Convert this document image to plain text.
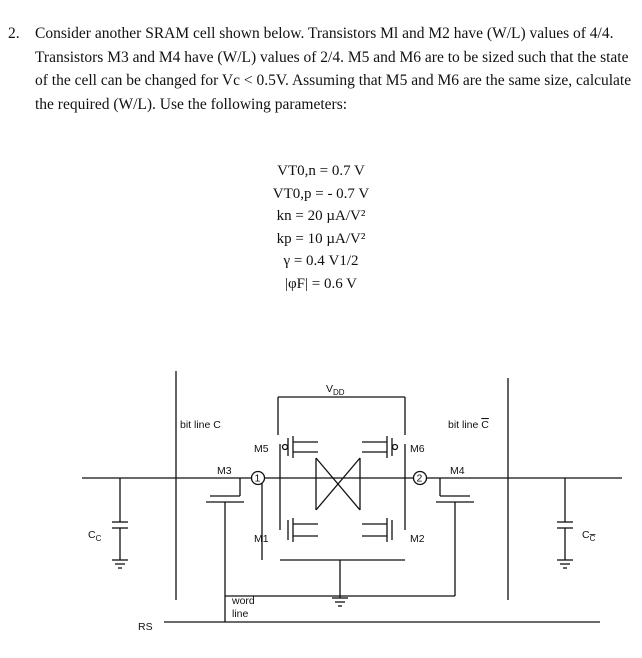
2. Consider another SRAM cell shown below. Transistors Ml and M2 have (W/L) values of 4/4. Transistors M3 and M4 have (W/L) values of 2/4. M5 and M6 are to be sized such that the state of the cell can be changed for Vc < 0.5V. Assuming that M5 and M6 are the same size, calculate the required (W/L). Use the following parameters:
VT0,n = 0.7 V
VT0,p = - 0.7 V
kn = 20 µA/V²
kp = 10 µA/V²
γ = 0.4 V1/2
|φF| = 0.6 V
$V_{DD}$
bit line C	bit line C
M5	M6
M3	M4
M1	M2
1	2
$C_C$	$C_C$
word
line
RS
